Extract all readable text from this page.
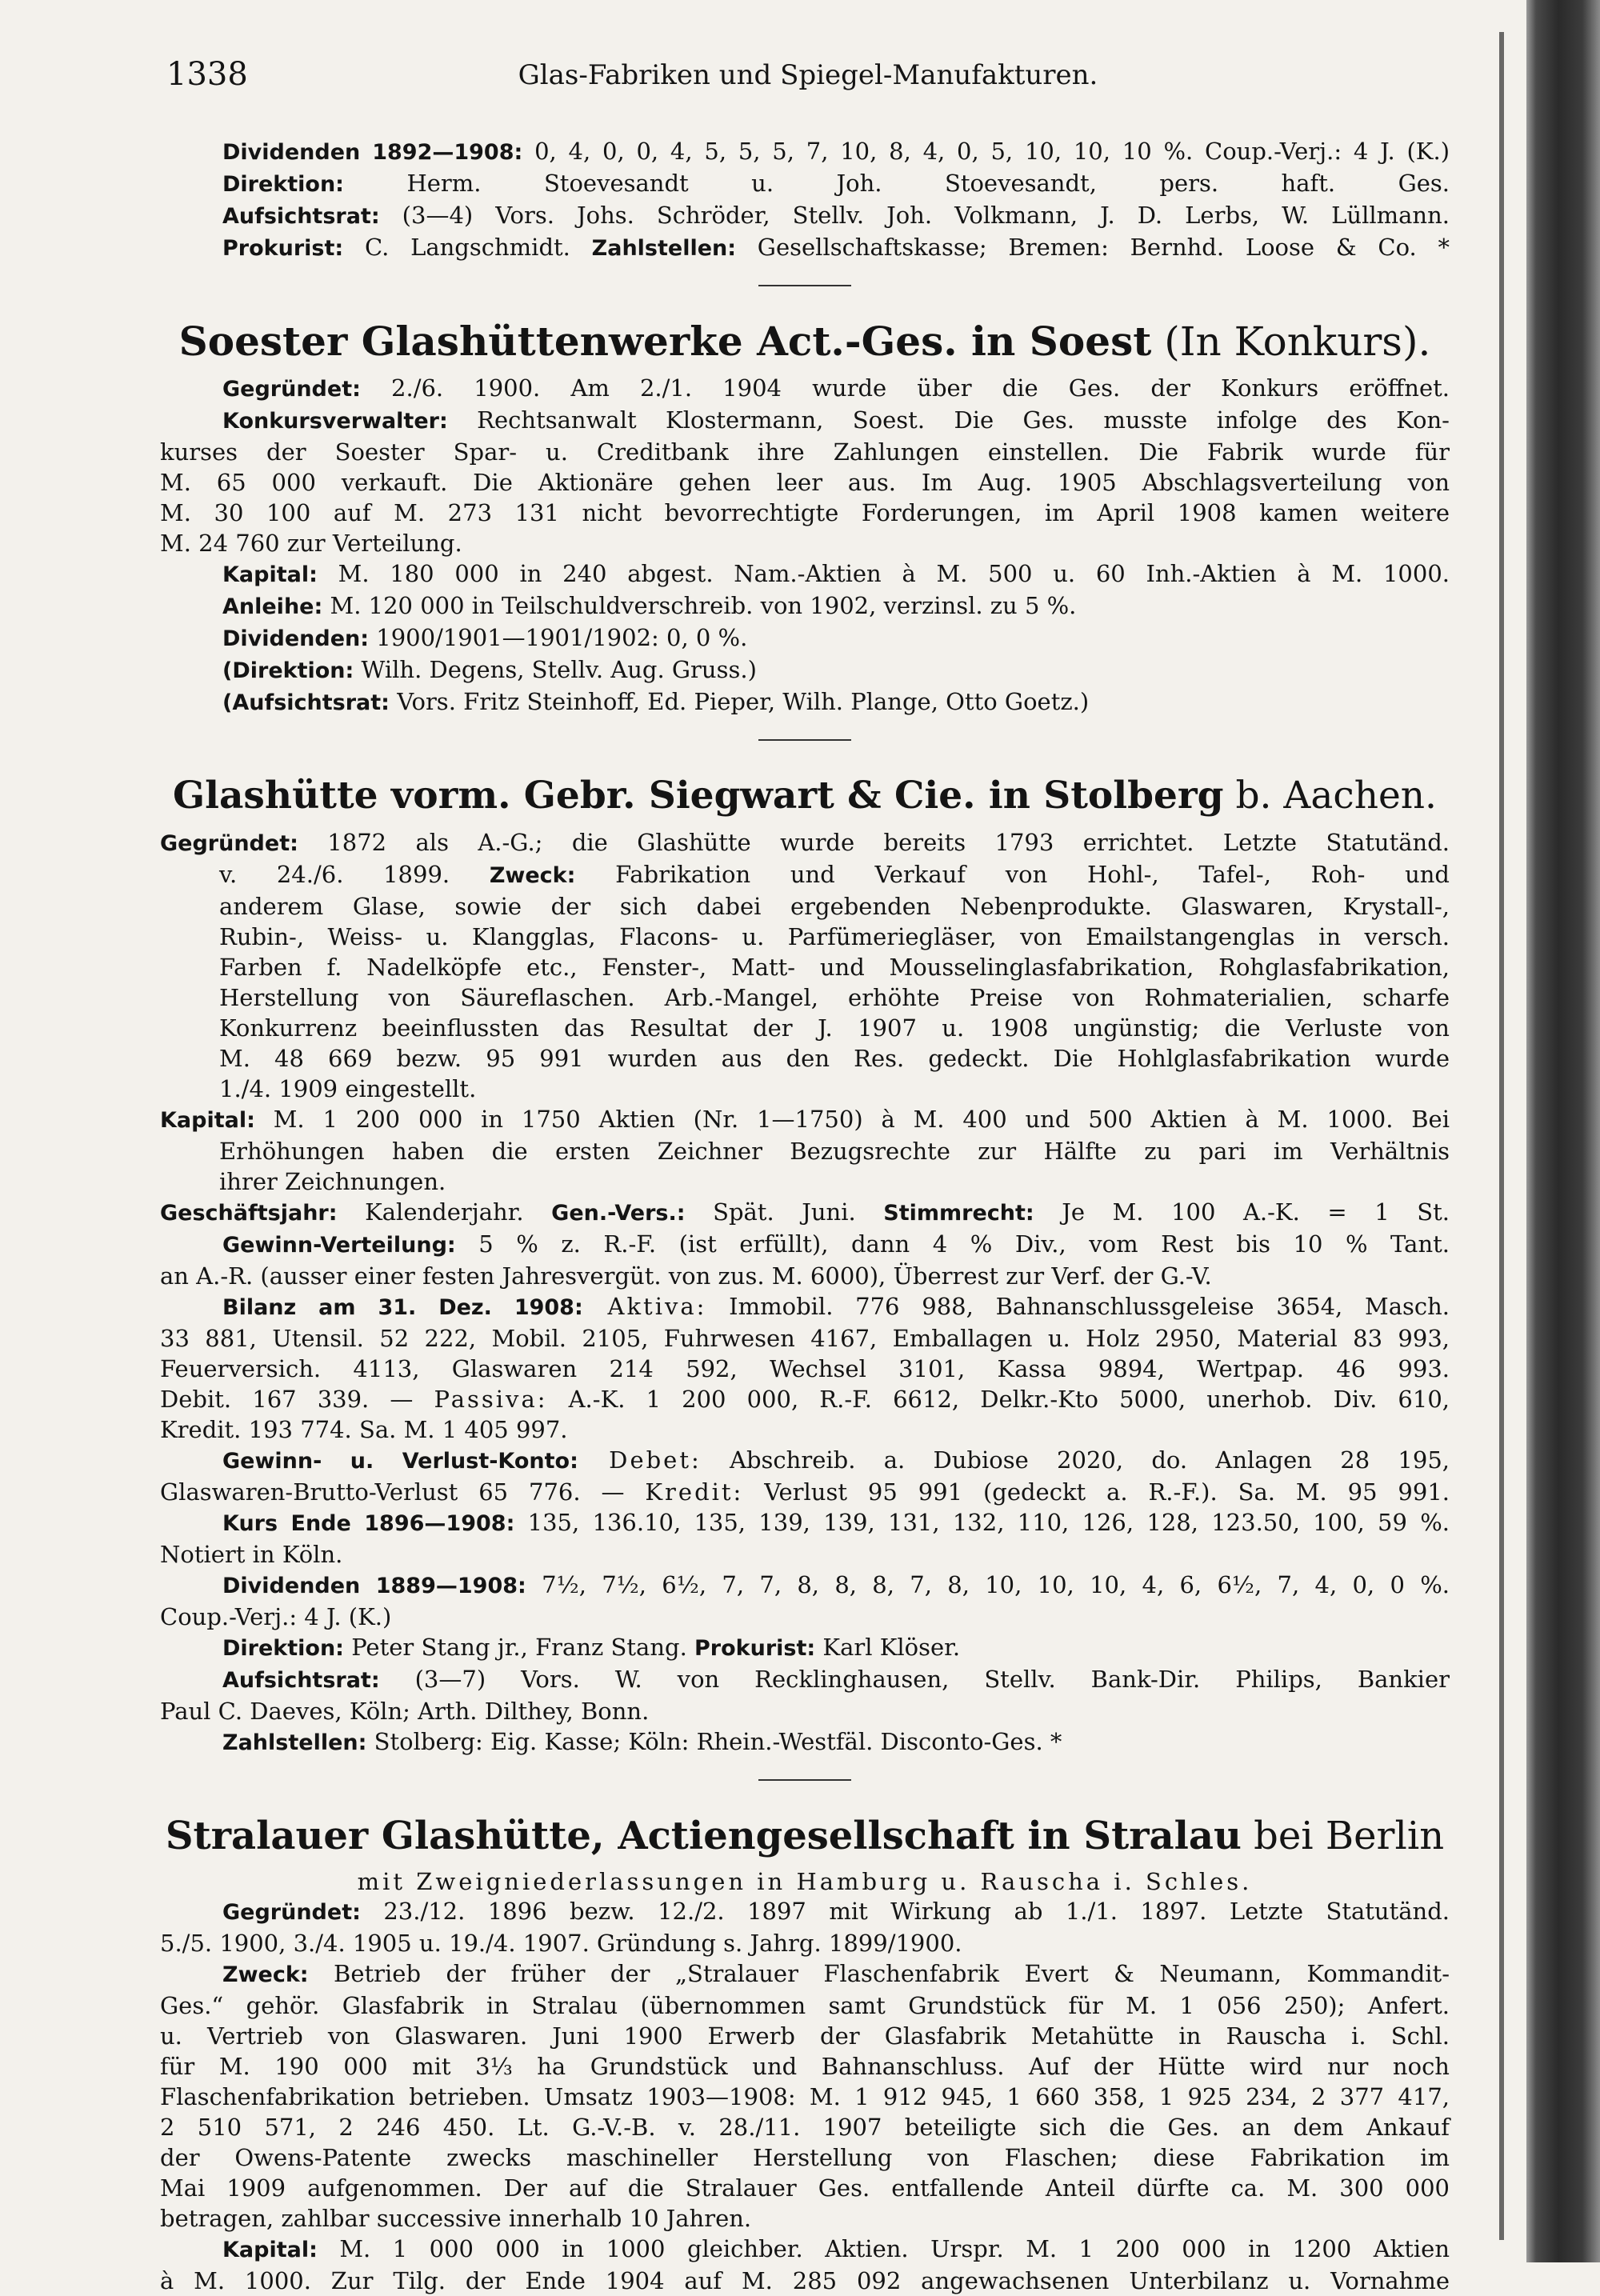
1338	Glas-Fabriken und Spiegel-Manufakturen.
Dividenden 1892—1908: 0, 4, 0, 0, 4, 5, 5, 5, 7, 10, 8, 4, 0, 5, 10, 10, 10 %. Coup.-Verj.: 4 J. (K.)
Direktion: Herm. Stoevesandt u. Joh. Stoevesandt, pers. haft. Ges.
Aufsichtsrat: (3—4) Vors. Johs. Schröder, Stellv. Joh. Volkmann, J. D. Lerbs, W. Lüllmann.
Prokurist: C. Langschmidt. Zahlstellen: Gesellschaftskasse; Bremen: Bernhd. Loose & Co. *
Soester Glashüttenwerke Act.-Ges. in Soest (In Konkurs).
Gegründet: 2./6. 1900. Am 2./1. 1904 wurde über die Ges. der Konkurs eröffnet.
Konkursverwalter: Rechtsanwalt Klostermann, Soest. Die Ges. musste infolge des Kon-
kurses der Soester Spar- u. Creditbank ihre Zahlungen einstellen. Die Fabrik wurde für
M. 65 000 verkauft. Die Aktionäre gehen leer aus. Im Aug. 1905 Abschlagsverteilung von
M. 30 100 auf M. 273 131 nicht bevorrechtigte Forderungen, im April 1908 kamen weitere
M. 24 760 zur Verteilung.
Kapital: M. 180 000 in 240 abgest. Nam.-Aktien à M. 500 u. 60 Inh.-Aktien à M. 1000.
Anleihe: M. 120 000 in Teilschuldverschreib. von 1902, verzinsl. zu 5 %.
Dividenden: 1900/1901—1901/1902: 0, 0 %.
(Direktion: Wilh. Degens, Stellv. Aug. Gruss.)
(Aufsichtsrat: Vors. Fritz Steinhoff, Ed. Pieper, Wilh. Plange, Otto Goetz.)
Glashütte vorm. Gebr. Siegwart & Cie. in Stolberg b. Aachen.
Gegründet: 1872 als A.-G.; die Glashütte wurde bereits 1793 errichtet. Letzte Statutänd.
v. 24./6. 1899. Zweck: Fabrikation und Verkauf von Hohl-, Tafel-, Roh- und
anderem Glase, sowie der sich dabei ergebenden Nebenprodukte. Glaswaren, Krystall-,
Rubin-, Weiss- u. Klangglas, Flacons- u. Parfümeriegläser, von Emailstangenglas in versch.
Farben f. Nadelköpfe etc., Fenster-, Matt- und Mousselinglasfabrikation, Rohglasfabrikation,
Herstellung von Säureflaschen. Arb.-Mangel, erhöhte Preise von Rohmaterialien, scharfe
Konkurrenz beeinflussten das Resultat der J. 1907 u. 1908 ungünstig; die Verluste von
M. 48 669 bezw. 95 991 wurden aus den Res. gedeckt. Die Hohlglasfabrikation wurde
1./4. 1909 eingestellt.
Kapital: M. 1 200 000 in 1750 Aktien (Nr. 1—1750) à M. 400 und 500 Aktien à M. 1000. Bei
Erhöhungen haben die ersten Zeichner Bezugsrechte zur Hälfte zu pari im Verhältnis
ihrer Zeichnungen.
Geschäftsjahr: Kalenderjahr. Gen.-Vers.: Spät. Juni. Stimmrecht: Je M. 100 A.-K. = 1 St.
Gewinn-Verteilung: 5 % z. R.-F. (ist erfüllt), dann 4 % Div., vom Rest bis 10 % Tant.
an A.-R. (ausser einer festen Jahresvergüt. von zus. M. 6000), Überrest zur Verf. der G.-V.
Bilanz am 31. Dez. 1908: Aktiva: Immobil. 776 988, Bahnanschlussgeleise 3654, Masch.
33 881, Utensil. 52 222, Mobil. 2105, Fuhrwesen 4167, Emballagen u. Holz 2950, Material 83 993,
Feuerversich. 4113, Glaswaren 214 592, Wechsel 3101, Kassa 9894, Wertpap. 46 993.
Debit. 167 339. — Passiva: A.-K. 1 200 000, R.-F. 6612, Delkr.-Kto 5000, unerhob. Div. 610,
Kredit. 193 774. Sa. M. 1 405 997.
Gewinn- u. Verlust-Konto: Debet: Abschreib. a. Dubiose 2020, do. Anlagen 28 195,
Glaswaren-Brutto-Verlust 65 776. — Kredit: Verlust 95 991 (gedeckt a. R.-F.). Sa. M. 95 991.
Kurs Ende 1896—1908: 135, 136.10, 135, 139, 139, 131, 132, 110, 126, 128, 123.50, 100, 59 %.
Notiert in Köln.
Dividenden 1889—1908: 7½, 7½, 6½, 7, 7, 8, 8, 8, 7, 8, 10, 10, 10, 4, 6, 6½, 7, 4, 0, 0 %.
Coup.-Verj.: 4 J. (K.)
Direktion: Peter Stang jr., Franz Stang. Prokurist: Karl Klöser.
Aufsichtsrat: (3—7) Vors. W. von Recklinghausen, Stellv. Bank-Dir. Philips, Bankier
Paul C. Daeves, Köln; Arth. Dilthey, Bonn.
Zahlstellen: Stolberg: Eig. Kasse; Köln: Rhein.-Westfäl. Disconto-Ges. *
Stralauer Glashütte, Actiengesellschaft in Stralau bei Berlin
mit Zweigniederlassungen in Hamburg u. Rauscha i. Schles.
Gegründet: 23./12. 1896 bezw. 12./2. 1897 mit Wirkung ab 1./1. 1897. Letzte Statutänd.
5./5. 1900, 3./4. 1905 u. 19./4. 1907. Gründung s. Jahrg. 1899/1900.
Zweck: Betrieb der früher der „Stralauer Flaschenfabrik Evert & Neumann, Kommandit-
Ges.“ gehör. Glasfabrik in Stralau (übernommen samt Grundstück für M. 1 056 250); Anfert.
u. Vertrieb von Glaswaren. Juni 1900 Erwerb der Glasfabrik Metahütte in Rauscha i. Schl.
für M. 190 000 mit 3⅓ ha Grundstück und Bahnanschluss. Auf der Hütte wird nur noch
Flaschenfabrikation betrieben. Umsatz 1903—1908: M. 1 912 945, 1 660 358, 1 925 234, 2 377 417,
2 510 571, 2 246 450. Lt. G.-V.-B. v. 28./11. 1907 beteiligte sich die Ges. an dem Ankauf
der Owens-Patente zwecks maschineller Herstellung von Flaschen; diese Fabrikation im
Mai 1909 aufgenommen. Der auf die Stralauer Ges. entfallende Anteil dürfte ca. M. 300 000
betragen, zahlbar successive innerhalb 10 Jahren.
Kapital: M. 1 000 000 in 1000 gleichber. Aktien. Urspr. M. 1 200 000 in 1200 Aktien
à M. 1000. Zur Tilg. der Ende 1904 auf M. 285 092 angewachsenen Unterbilanz u. Vornahme
